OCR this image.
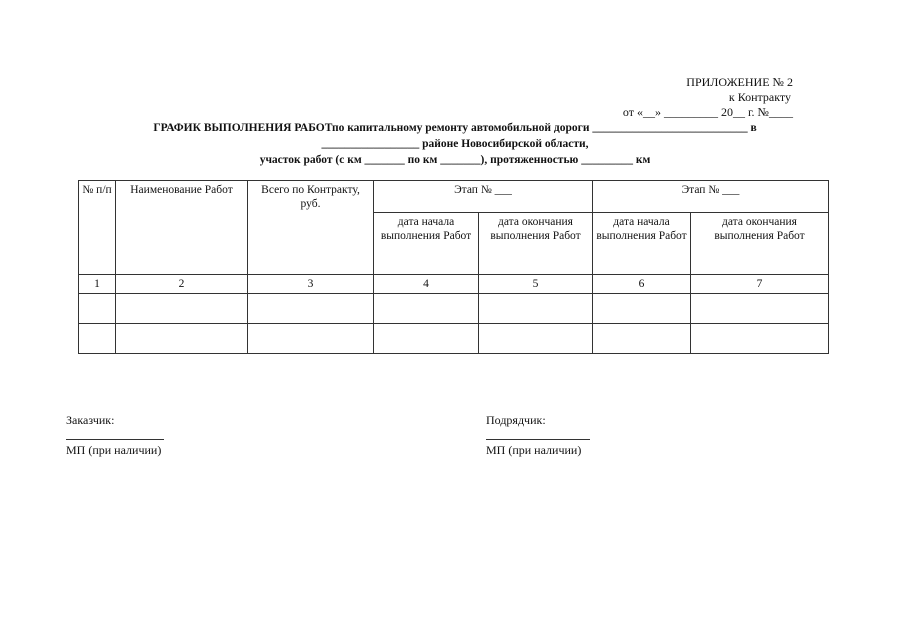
ПРИЛОЖЕНИЕ № 2
к Контракту
от «__» _________ 20__ г. №____
ГРАФИК ВЫПОЛНЕНИЯ РАБОТпо капитальному ремонту автомобильной дороги ___________________________ в
_________________ районе Новосибирской области,
участок работ (с км _______ по км _______), протяженностью _________ км
№ п/п	Наименование Работ	Всего по Контракту, руб.	Этап № ___		Этап № ___	
			дата начала выполнения Работ	дата окончания выполнения Работ	дата начала выполнения Работ	дата окончания выполнения Работ
1	2	3	4	5	6	7

Заказчик:
МП (при наличии)
Подрядчик:
МП (при наличии)
